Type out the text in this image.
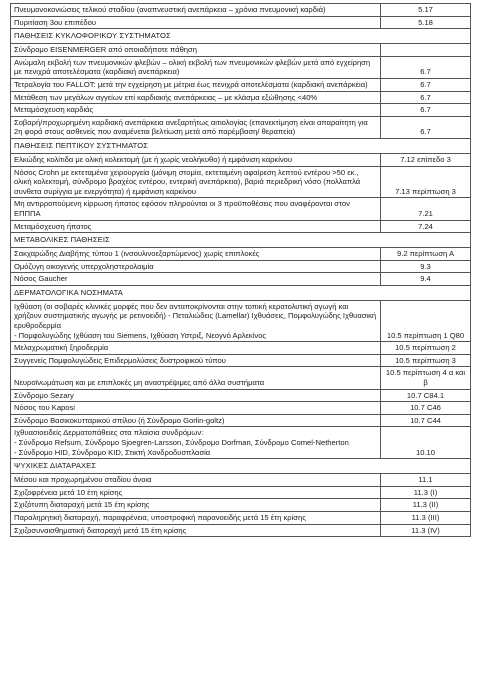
Πνευμονοκονιώσεις τελικού σταδίου (αναπνευστική ανεπάρκεια – χρόνια πνευμονική καρδιά)	5.17
Πυριτίαση 3ου επιπέδου	5.18
ΠΑΘΗΣΕΙΣ ΚΥΚΛΟΦΟΡΙΚΟΥ ΣΥΣΤΗΜΑΤΟΣ	
Σύνδρομο EISENMERGER από οποιαδήποτε πάθηση	
Ανώμαλη εκβολή των πνευμονικών φλεβών – ολική εκβολή των πνευμονικών φλεβών μετά από εγχείρηση με πενιχρά αποτελέσματα (καρδιακή ανεπάρκεια)	6.7
Τετραλογία του FALLOT: μετά την εγχείρηση με μέτρια έως πενιχρά αποτελέσματα (καρδιακή ανεπάρκεια)	6.7
Μετάθεση των μεγάλων αγγείων επί καρδιακής ανεπάρκειας – με κλάσμα εξώθησης <40%	6.7
Μεταμόσχευση καρδιάς	6.7
Σοβαρή/προχωρημένη καρδιακή ανεπάρκεια ανεξαρτήτως αιτιολογίας (επανεκτίμηση είναι απαραίτητη για 2η φορά στους ασθενείς που αναμένεται βελτίωση μετά από παρέμβαση/ θεραπεία)	6.7
ΠΑΘΗΣΕΙΣ ΠΕΠΤΙΚΟΥ ΣΥΣΤΗΜΑΤΟΣ	
Ελκώδης κολίτιδα με ολική κολεκτομή (με ή χωρίς νεολήκυθο) ή εμφάνιση καρκίνου	7.12 επίπεδο 3
Νόσος Crohn με εκτεταμένα χειρουργεία (μόνιμη στομία, εκτεταμένη αφαίρεση λεπτού εντέρου >50 εκ., ολική κολεκτομή, σύνδρομο βραχέος εντέρου, εντερική ανεπάρκεια), βαριά περιεδρική νόσο (πολλαπλά συνθετα συρίγγια με ενεργότητα) ή εμφάνιση καρκίνου	7.13 περίπτωση 3
Μη αντιρροπούμενη κίρρωση ήπατος εφόσον πληρούνται οι 3 προϋποθέσεις που αναφέρονται στον ΕΠΠΠΑ	7.21
Μεταμόσχευση ήπατος	7.24
ΜΕΤΑΒΟΛΙΚΕΣ ΠΑΘΗΣΕΙΣ	
Σακχαρώδης Διαβήτης τύπου 1 (ινσουλινοεξαρτώμενος) χωρίς επιπλοκές	9.2 περίπτωση Α
Ομόζυγη οικογενής υπερχοληστερολαιμία	9.3
Νόσος Gaucher	9.4
ΔΕΡΜΑΤΟΛΟΓΙΚΑ ΝΟΣΗΜΑΤΑ	

Ιχθύαση (οι σοβαρές κλινικές μορφές που δεν ανταποκρίνονται στην τοπική κερατολυτική αγωγή και χρήζουν συστηματικής αγωγής με ρετινοειδή) - Πεταλιώδεις (Lamellar) Ιχθυάσεις, Πομφολυγώδης Ιχθυασική ερυθροδερμία
- Πομφολυγώδης Ιχθύαση του Siemens, Ιχθύαση Υστριξ, Νεογνό Αρλεκίνος	10.5 περίπτωση 1 Q80
Μελαχρωματική ξηροδερμία	10.5 περίπτωση 2
Συγγενείς Πομφολυγώδεις Επιδερμολύσεις δυστροφικού τύπου	10.5 περίπτωση 3
Νευροϊνωμάτωση και με επιπλοκές μη αναστρέψιμες από άλλα συστήματα	10.5 περίπτωση 4 α και β
Σύνδρομο Sezary	10.7 C84.1
Νόσος του Kaposi	10.7 C46
Σύνδρομο Βασικοκυτταρικού σπίλου (ή Σύνδρομο Gorlin-goltz)	10.7 C44

Ιχθυασιοειδείς Δερματοπάθειες στα πλαίσια συνδρόμων:
- Σύνδρομο Refsum, Σύνδρομο Sjoegren-Larsson, Σύνδρομο Dorfman, Σύνδρομο Comel-Netherton
- Σύνδρομο HID, Σύνδρομο KID, Στικτή Χονδροδυσπλασία	10.10
ΨΥΧΙΚΕΣ ΔΙΑΤΑΡΑΧΕΣ	
Μέσου και προχωρημένου σταδίου άνοια	11.1
Σχιζοφρένεια μετά 10 έτη κρίσης	11.3 (I)
Σχιζότυπη διαταραχή μετά 15 έτη κρίσης	11.3 (II)
Παραληρητική διαταραχή, παραφρένεια, υποστροφική παρανοειδής μετά 15 έτη κρίσης	11.3 (III)
Σχιζοσυναισθηματική διαταραχή μετά 15 έτη κρίσης	11.3 (IV)
